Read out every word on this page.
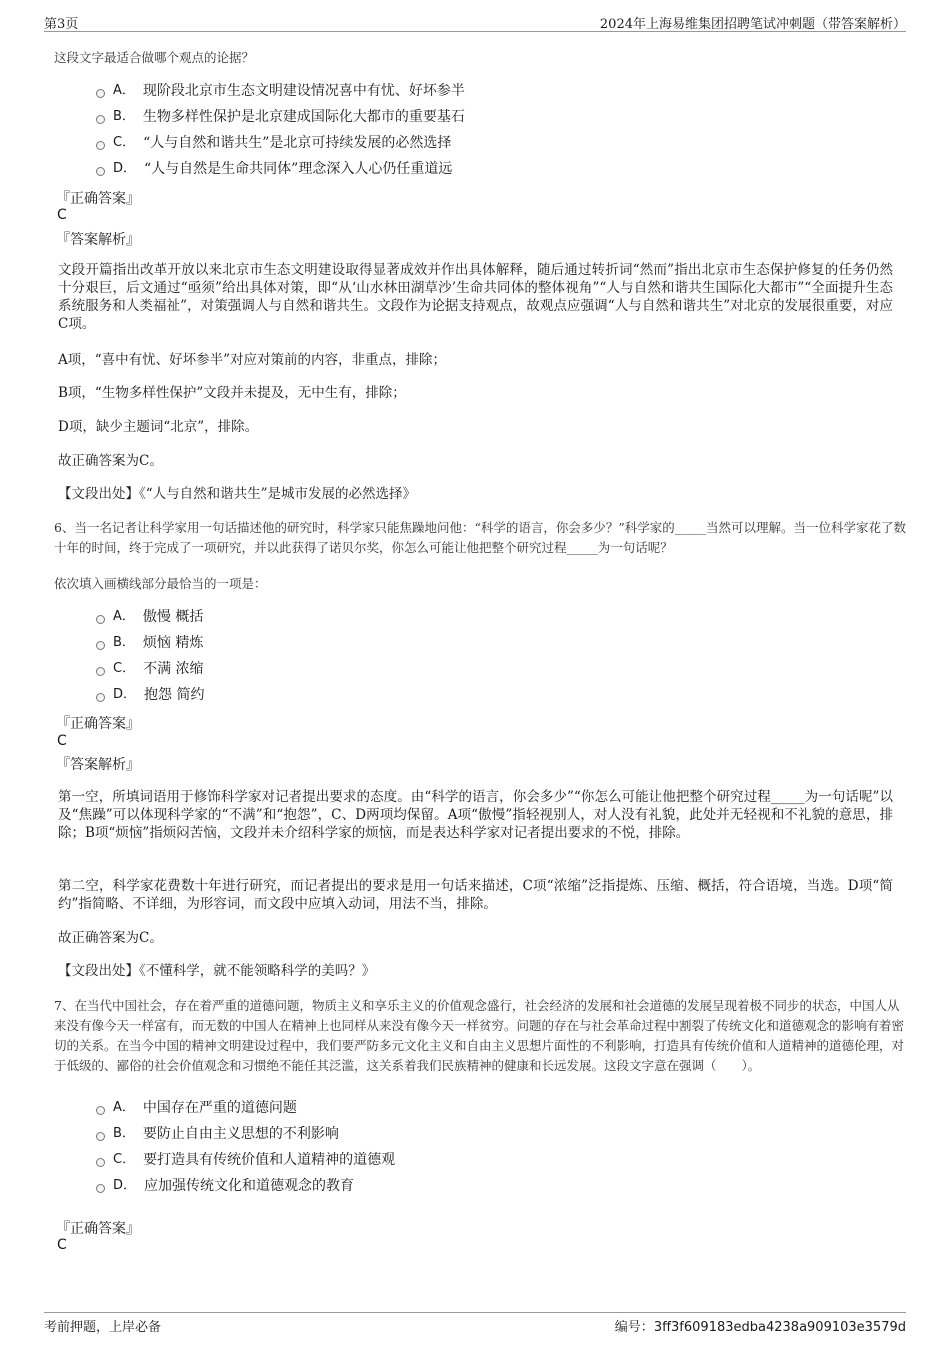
第3页	2024年上海易维集团招聘笔试冲刺题（带答案解析）
这段文字最适合做哪个观点的论据？
A． 现阶段北京市生态文明建设情况喜中有忧、好坏参半
B． 生物多样性保护是北京建成国际化大都市的重要基石
C． “人与自然和谐共生”是北京可持续发展的必然选择
D． “人与自然是生命共同体”理念深入人心仍任重道远
『正确答案』
C
『答案解析』
文段开篇指出改革开放以来北京市生态文明建设取得显著成效并作出具体解释，随后通过转折词“然而”指出北京市生态保护修复的任务仍然十分艰巨，后文通过“亟须”给出具体对策，即“从‘山水林田湖草沙’生命共同体的整体视角”“人与自然和谐共生国际化大都市”“全面提升生态系统服务和人类福祉”，对策强调人与自然和谐共生。文段作为论据支持观点，故观点应强调“人与自然和谐共生”对北京的发展很重要，对应C项。
A项，“喜中有忧、好坏参半”对应对策前的内容，非重点，排除；
B项，“生物多样性保护”文段并未提及，无中生有，排除；
D项，缺少主题词“北京”，排除。
故正确答案为C。
【文段出处】《“人与自然和谐共生”是城市发展的必然选择》
6、当一名记者让科学家用一句话描述他的研究时，科学家只能焦躁地问他：“科学的语言，你会多少？”科学家的_____当然可以理解。当一位科学家花了数十年的时间，终于完成了一项研究，并以此获得了诺贝尔奖，你怎么可能让他把整个研究过程_____为一句话呢？
依次填入画横线部分最恰当的一项是：
A． 傲慢 概括
B． 烦恼 精炼
C． 不满 浓缩
D． 抱怨 简约
『正确答案』
C
『答案解析』
第一空，所填词语用于修饰科学家对记者提出要求的态度。由“科学的语言，你会多少”“你怎么可能让他把整个研究过程_____为一句话呢”以及“焦躁”可以体现科学家的“不满”和“抱怨”，C、D两项均保留。A项“傲慢”指轻视别人，对人没有礼貌，此处并无轻视和不礼貌的意思，排除；B项“烦恼”指烦闷苦恼，文段并未介绍科学家的烦恼，而是表达科学家对记者提出要求的不悦，排除。
第二空，科学家花费数十年进行研究，而记者提出的要求是用一句话来描述，C项“浓缩”泛指提炼、压缩、概括，符合语境，当选。D项“简约”指简略、不详细，为形容词，而文段中应填入动词，用法不当，排除。
故正确答案为C。
【文段出处】《不懂科学，就不能领略科学的美吗？》
7、在当代中国社会，存在着严重的道德问题，物质主义和享乐主义的价值观念盛行，社会经济的发展和社会道德的发展呈现着极不同步的状态，中国人从来没有像今天一样富有，而无数的中国人在精神上也同样从来没有像今天一样贫穷。问题的存在与社会革命过程中割裂了传统文化和道德观念的影响有着密切的关系。在当今中国的精神文明建设过程中，我们要严防多元文化主义和自由主义思想片面性的不利影响，打造具有传统价值和人道精神的道德伦理，对于低级的、鄙俗的社会价值观念和习惯绝不能任其泛滥，这关系着我们民族精神的健康和长远发展。这段文字意在强调（　　）。
A． 中国存在严重的道德问题
B． 要防止自由主义思想的不利影响
C． 要打造具有传统价值和人道精神的道德观
D． 应加强传统文化和道德观念的教育
『正确答案』
C
考前押题，上岸必备	编号：3ff3f609183edba4238a909103e3579d
